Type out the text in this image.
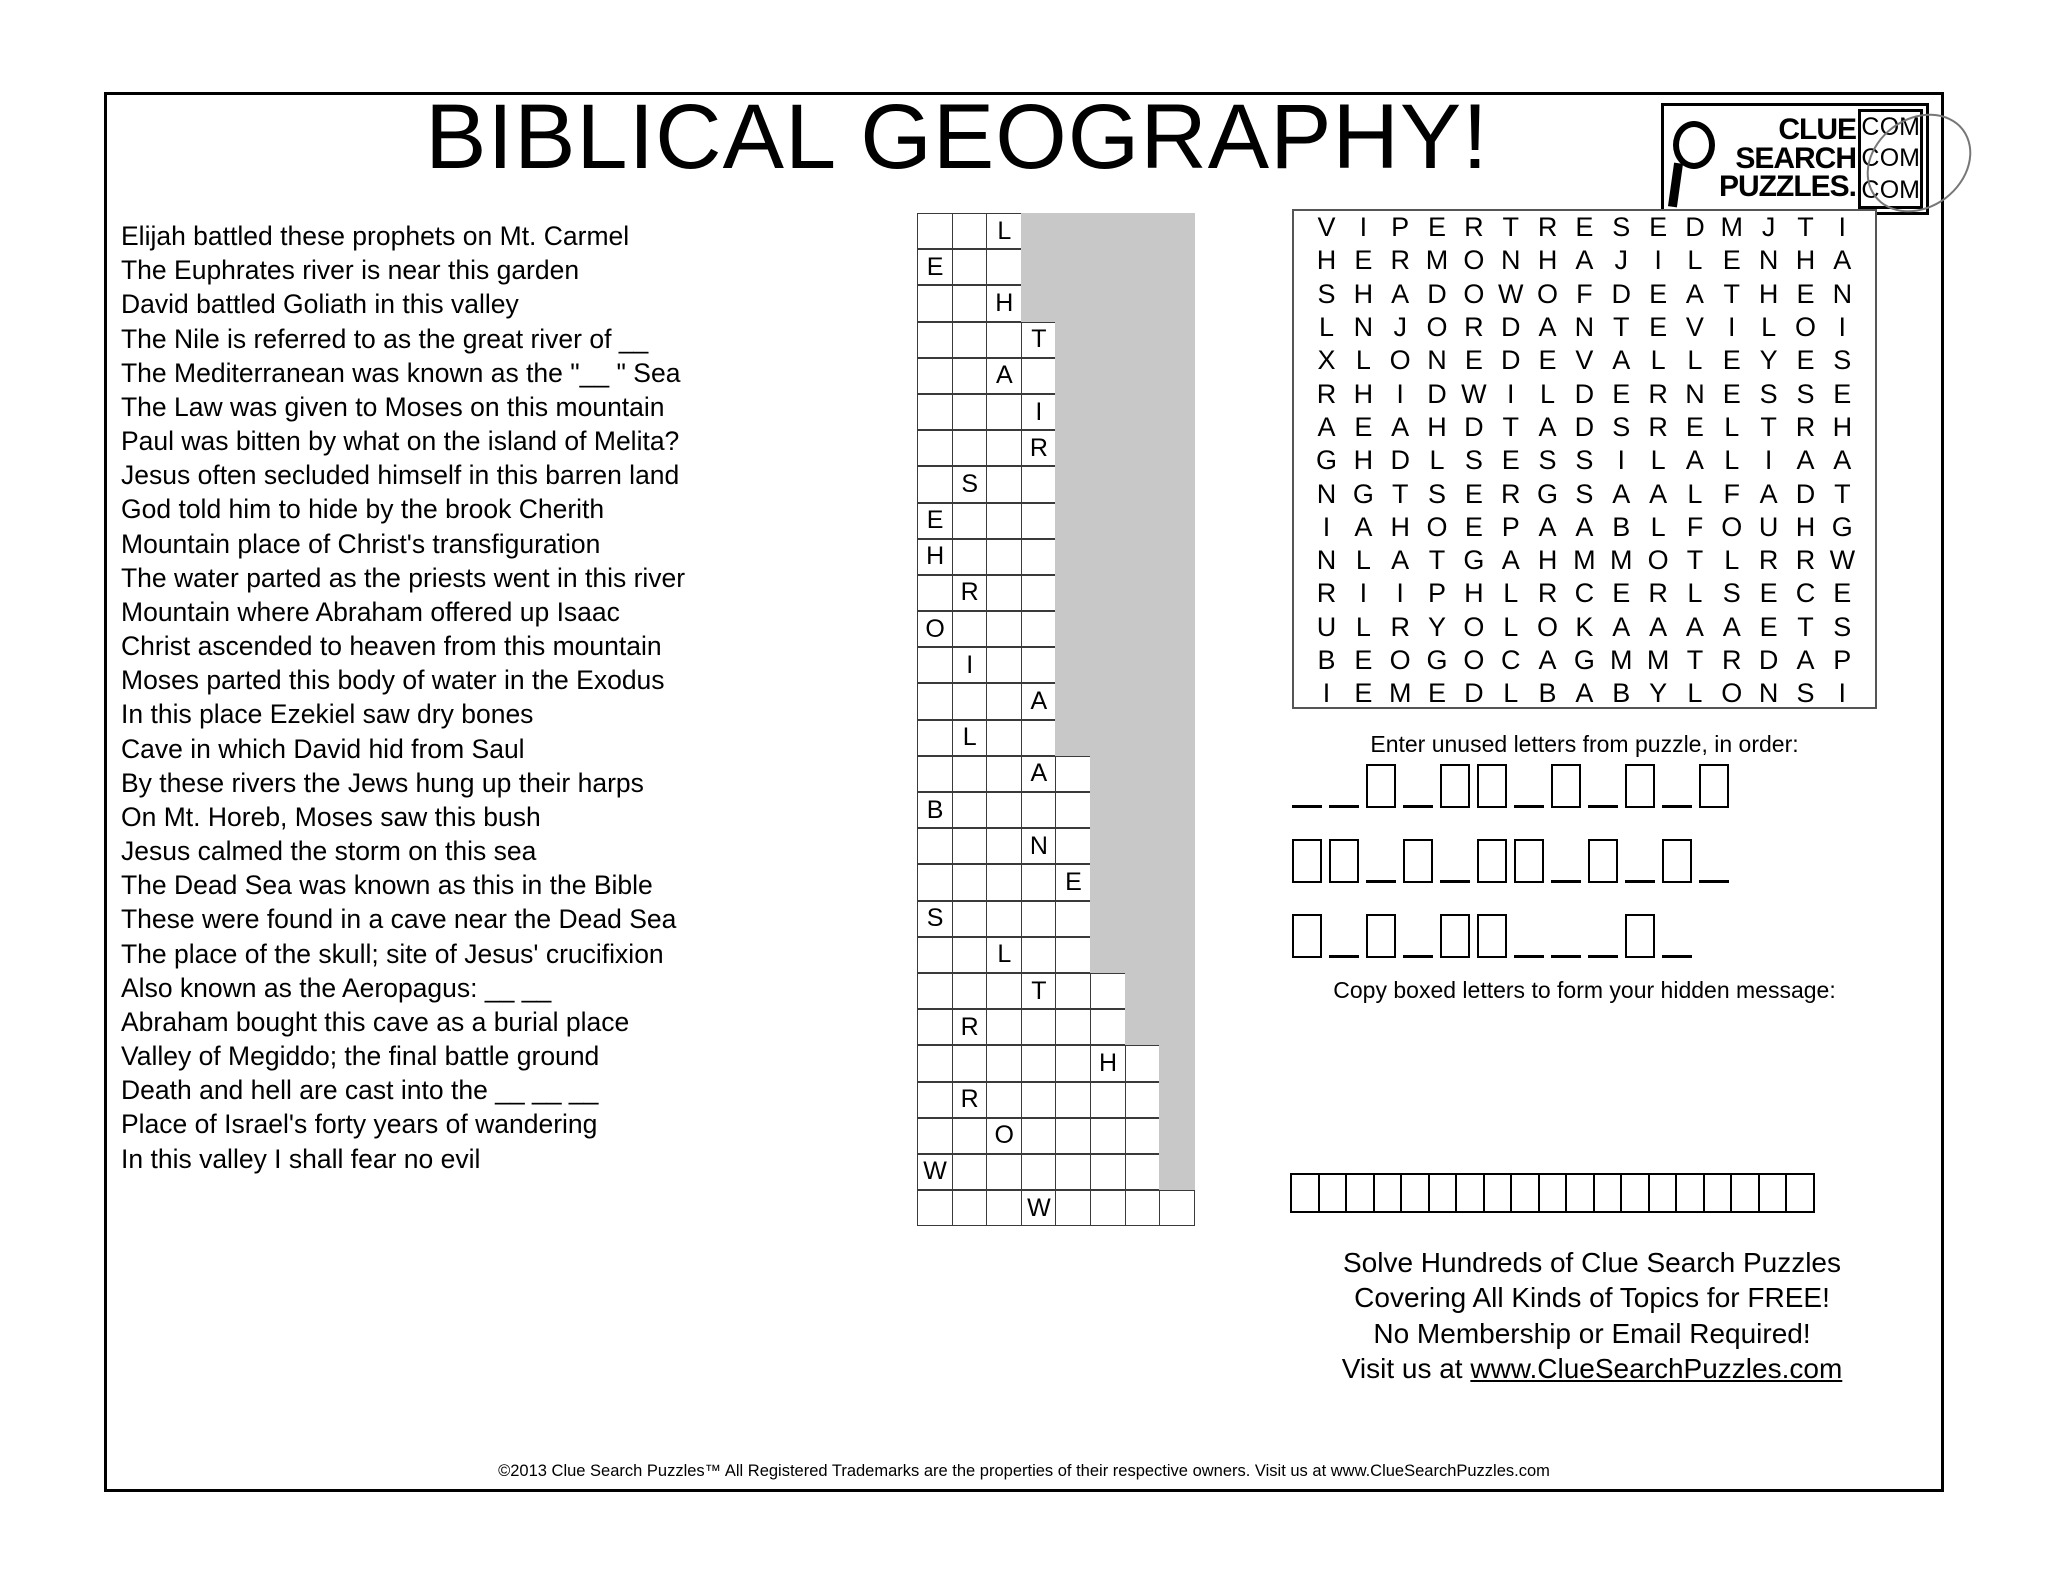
BIBLICAL GEOGRAPHY!	CLUE
SEARCH
PUZZLES.
C O M
C O M
C O M
Elijah battled these prophets on Mt. Carmel
The Euphrates river is near this garden
David battled Goliath in this valley
The Nile is referred to as the great river of __
The Mediterranean was known as the "__ " Sea
The Law was given to Moses on this mountain
Paul was bitten by what on the island of Melita?
Jesus often secluded himself in this barren land
God told him to hide by the brook Cherith
Mountain place of Christ's transfiguration
The water parted as the priests went in this river
Mountain where Abraham offered up Isaac
Christ ascended to heaven from this mountain
Moses parted this body of water in the Exodus
In this place Ezekiel saw dry bones
Cave in which David hid from Saul
By these rivers the Jews hung up their harps
On Mt. Horeb, Moses saw this bush
Jesus calmed the storm on this sea
The Dead Sea was known as this in the Bible
These were found in a cave near the Dead Sea
The place of the skull; site of Jesus' crucifixion
Also known as the Aeropagus: __ __
Abraham bought this cave as a burial place
Valley of Megiddo; the final battle ground
Death and hell are cast into the __ __ __
Place of Israel's forty years of wandering
In this valley I shall fear no evil
L
E
H
T
A
I
R
S
E
H
R
O
I
A
L
A
B
N
E
S
L
T
R
H
R
O
W
W
V I P E R T R E S E D M J T I
H E R M O N H A J I L E N H A
S H A D O W O F D E A T H E N
L N J O R D A N T E V I L O I
X L O N E D E V A L L E Y E S
R H I D W I L D E R N E S S E
A E A H D T A D S R E L T R H
G H D L S E S S I L A L I A A
N G T S E R G S A A L F A D T
I A H O E P A A B L F O U H G
N L A T G A H M M O T L R R W
R I	I P H L R C E R L S E C E
U L R Y O L O K A A A A E T S
B E O G O C A G M M T R D A P
I E M E D L B A B Y L O N S I
Enter unused letters from puzzle, in order:
Copy boxed letters to form your hidden message:
Solve Hundreds of Clue Search Puzzles
Covering All Kinds of Topics for FREE!
No Membership or Email Required!
Visit us at www.ClueSearchPuzzles.com
©2013 Clue Search Puzzles™ All Registered Trademarks are the properties of their respective owners. Visit us at www.ClueSearchPuzzles.com
